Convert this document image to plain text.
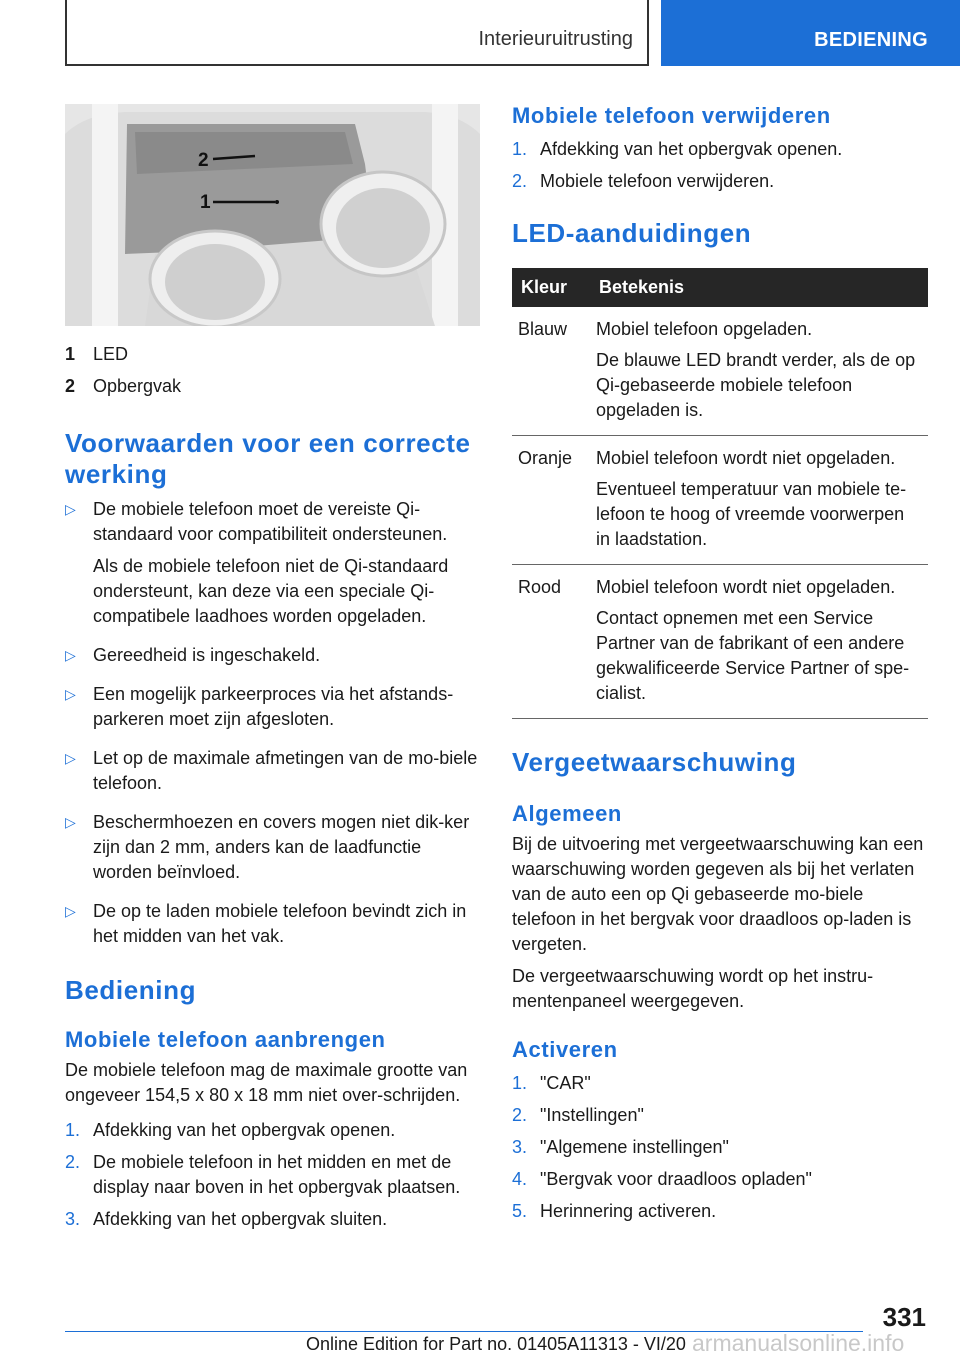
Interieuruitrusting	BEDIENING
2
1
1 LED
2 Opbergvak
Voorwaarden voor een correcte
werking
▷ De mobiele telefoon moet de vereiste Qi-standaard voor compatibiliteit ondersteunen.
Als de mobiele telefoon niet de Qi-standaard ondersteunt, kan deze via een speciale Qi-compatibele laadhoes worden opgeladen.
▷ Gereedheid is ingeschakeld.
▷ Een mogelijk parkeerproces via het afstands-parkeren moet zijn afgesloten.
▷ Let op de maximale afmetingen van de mo-biele telefoon.
▷ Beschermhoezen en covers mogen niet dik-ker zijn dan 2 mm, anders kan de laadfunctie worden beïnvloed.
▷ De op te laden mobiele telefoon bevindt zich in het midden van het vak.
Bediening
Mobiele telefoon aanbrengen

De mobiele telefoon mag de maximale grootte van ongeveer 154,5 x 80 x 18 mm niet over-schrijden.

1. Afdekking van het opbergvak openen.
2. De mobiele telefoon in het midden en met de display naar boven in het opbergvak plaatsen.
3. Afdekking van het opbergvak sluiten.
Mobiele telefoon verwijderen
1. Afdekking van het opbergvak openen.
2. Mobiele telefoon verwijderen.
LED-aanduidingen
Kleur	Betekenis
Blauw	Mobiel telefoon opgeladen.
De blauwe LED brandt verder, als de op Qi-gebaseerde mobiele telefoon opgeladen is.

Oranje	Mobiel telefoon wordt niet opgeladen.
Eventueel temperatuur van mobiele te-lefoon te hoog of vreemde voorwerpen in laadstation.

Rood	Mobiel telefoon wordt niet opgeladen.
Contact opnemen met een Service Partner van de fabrikant of een andere gekwalificeerde Service Partner of spe-cialist.
Vergeetwaarschuwing
Algemeen

Bij de uitvoering met vergeetwaarschuwing kan een waarschuwing worden gegeven als bij het verlaten van de auto een op Qi gebaseerde mo-biele telefoon in het bergvak voor draadloos op-laden is vergeten.

De vergeetwaarschuwing wordt op het instru-mentenpaneel weergegeven.

Activeren
1. "CAR"
2. "Instellingen"
3. "Algemene instellingen"
4. "Bergvak voor draadloos opladen"
5. Herinnering activeren.
331
Online Edition for Part no. 01405A11313 - VI/20 armanualsonline.info
